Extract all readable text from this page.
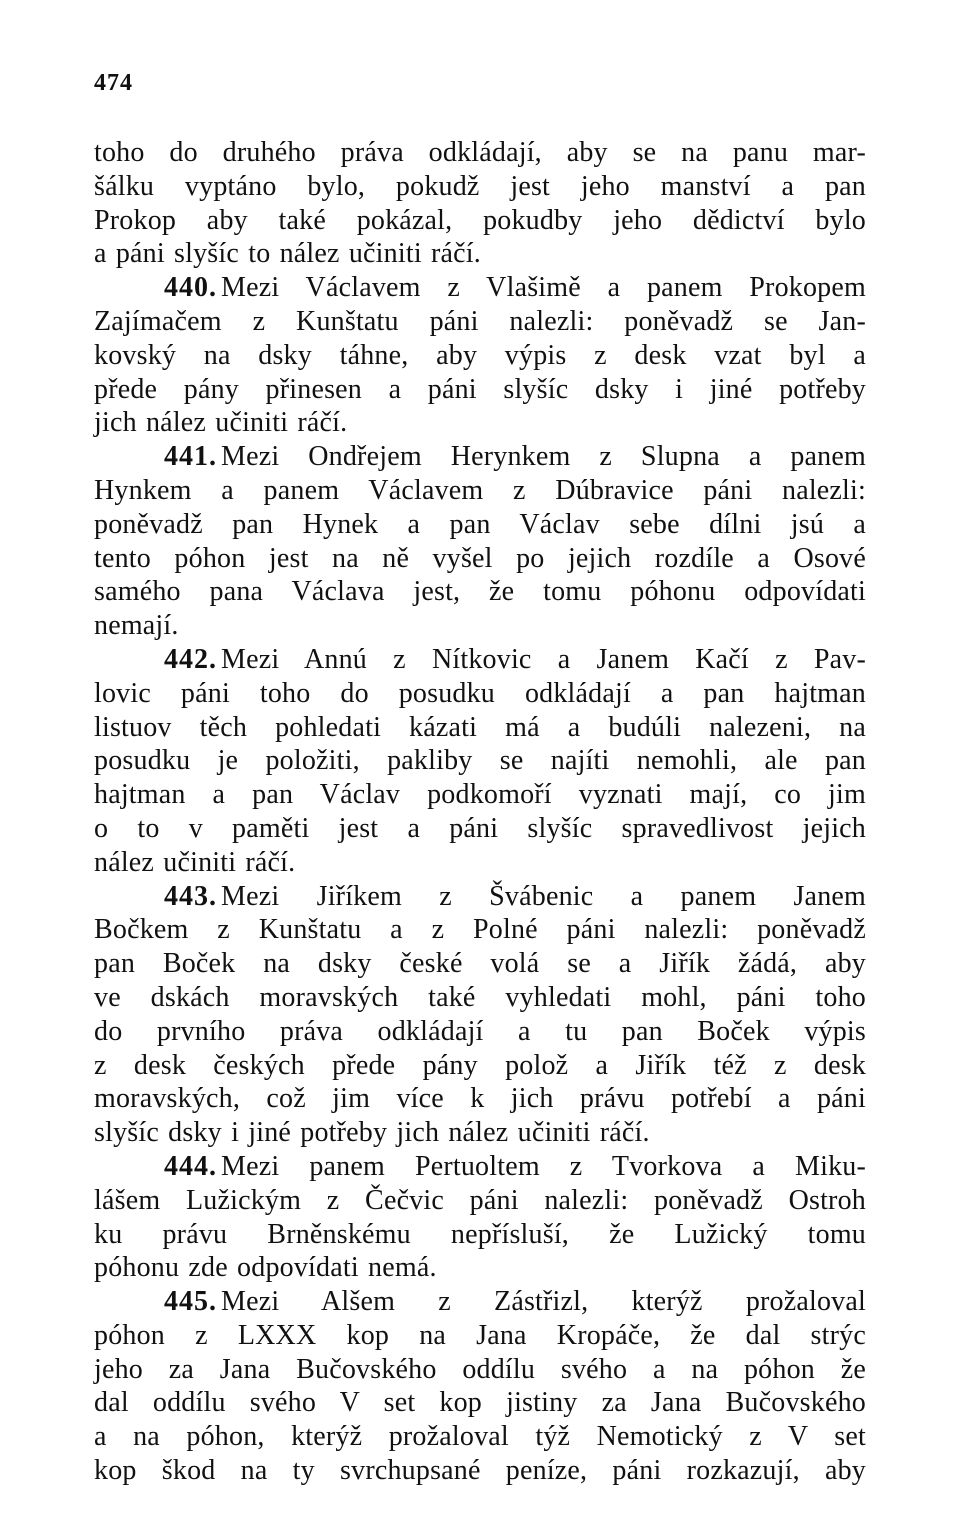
474
toho do druhého práva odkládají, aby se na panu mar-
šálku vyptáno bylo, pokudž jest jeho manství a pan
Prokop aby také pokázal, pokudby jeho dědictví bylo
a páni slyšíc to nález učiniti ráčí.
440. Mezi Václavem z Vlašimě a panem Prokopem
Zajímačem z Kunštatu páni nalezli: poněvadž se Jan-
kovský na dsky táhne, aby výpis z desk vzat byl a
přede pány přinesen a páni slyšíc dsky i jiné potřeby
jich nález učiniti ráčí.
441. Mezi Ondřejem Herynkem z Slupna a panem
Hynkem a panem Václavem z Dúbravice páni nalezli:
poněvadž pan Hynek a pan Václav sebe dílni jsú a
tento póhon jest na ně vyšel po jejich rozdíle a Osové
samého pana Václava jest, že tomu póhonu odpovídati
nemají.
442. Mezi Annú z Nítkovic a Janem Kačí z Pav-
lovic páni toho do posudku odkládají a pan hajtman
listuov těch pohledati kázati má a budúli nalezeni, na
posudku je položiti, pakliby se najíti nemohli, ale pan
hajtman a pan Václav podkomoří vyznati mají, co jim
o to v paměti jest a páni slyšíc spravedlivost jejich
nález učiniti ráčí.
443. Mezi Jiříkem z Švábenic a panem Janem
Bočkem z Kunštatu a z Polné páni nalezli: poněvadž
pan Boček na dsky české volá se a Jiřík žádá, aby
ve dskách moravských také vyhledati mohl, páni toho
do prvního práva odkládají a tu pan Boček výpis
z desk českých přede pány polož a Jiřík též z desk
moravských, což jim více k jich právu potřebí a páni
slyšíc dsky i jiné potřeby jich nález učiniti ráčí.
444. Mezi panem Pertuoltem z Tvorkova a Miku-
lášem Lužickým z Čečvic páni nalezli: poněvadž Ostroh
ku právu Brněnskému nepřísluší, že Lužický tomu
póhonu zde odpovídati nemá.
445. Mezi Alšem z Zástřizl, kterýž prožaloval
póhon z LXXX kop na Jana Kropáče, že dal strýc
jeho za Jana Bučovského oddílu svého a na póhon že
dal oddílu svého V set kop jistiny za Jana Bučovského
a na póhon, kterýž prožaloval týž Nemotický z V set
kop škod na ty svrchupsané peníze, páni rozkazují, aby
